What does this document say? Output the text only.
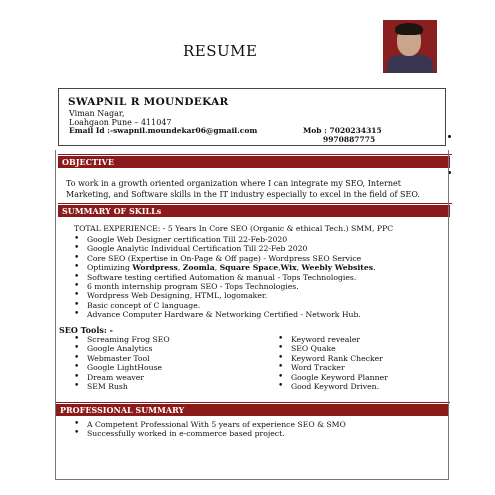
RESUME
SWAPNIL R MOUNDEKAR
Viman Nagar,
Loahgaon Pune – 411047
Email Id :-swapnil.moundekar06@gmail.com	Mob : 7020234315
9970887775
OBJECTIVE
To work in a growth oriented organization where I can integrate my SEO, Internet Marketing, and Software skills in the IT industry especially to excel in the field of SEO.
SUMMARY OF SKILLs
TOTAL EXPERIENCE: - 5 Years In Core SEO (Organic & ethical Tech.) SMM, PPC
• Google Web Designer certification Till 22-Feb-2020
• Google Analytic Individual Certification Till 22-Feb 2020
• Core SEO (Expertise in On-Page & Off page) - Wordpress SEO Service
• Optimizing Wordpress, Zoomla, Square Space,Wix, Weebly Websites.
• Software testing certified Automation & manual - Tops Technologies.
• 6 month internship program SEO - Tops Technologies.
• Wordpress Web Designing, HTML, logomaker.
• Basic concept of C language.
• Advance Computer Hardware & Networking Certified - Network Hub.
SEO Tools: -
• Screaming Frog SEO
• Google Analytics
• Webmaster Tool
• Google LightHouse
• Dream weaver
• SEM Rush
• Keyword revealer
• SEO Quake
• Keyword Rank Checker
• Word Tracker
• Google Keyword Planner
• Good Keyword Driven.
PROFESSIONAL SUMMARY
• A Competent Professional With 5 years of experience SEO & SMO
• Successfully worked in e-commerce based project.
